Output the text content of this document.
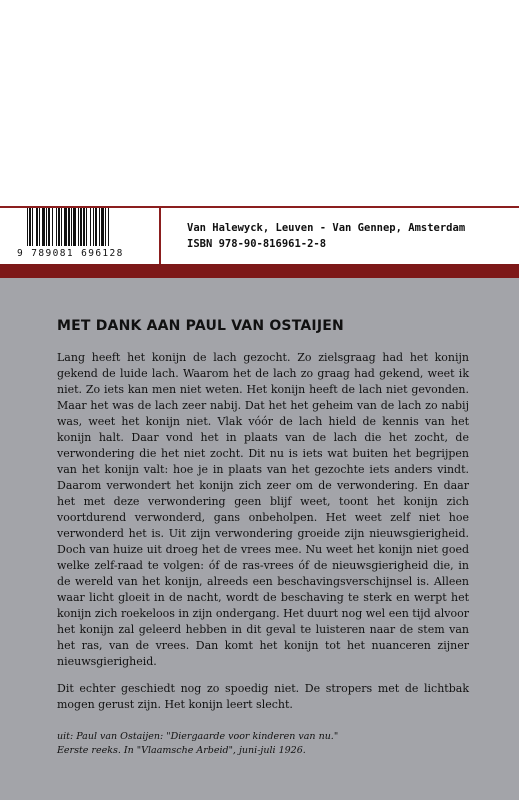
9 789081 696128
Van Halewyck, Leuven - Van Gennep, Amsterdam
ISBN 978-90-816961-2-8
MET DANK AAN PAUL VAN OSTAIJEN

Lang heeft het konijn de lach gezocht. Zo zielsgraag had het konijn gekend de luide lach. Waarom het de lach zo graag had gekend, weet ik niet. Zo iets kan men niet weten. Het konijn heeft de lach niet gevonden. Maar het was de lach zeer nabij. Dat het het geheim van de lach zo nabij was, weet het konijn niet. Vlak vóór de lach hield de kennis van het konijn halt. Daar vond het in plaats van de lach die het zocht, de verwondering die het niet zocht. Dit nu is iets wat buiten het begrijpen van het konijn valt: hoe je in plaats van het gezochte iets anders vindt. Daarom verwondert het konijn zich zeer om de verwondering. En daar het met deze verwondering geen blijf weet, toont het konijn zich voortdurend verwonderd, gans onbeholpen. Het weet zelf niet hoe verwonderd het is. Uit zijn verwondering groeide zijn nieuwsgierigheid. Doch van huize uit droeg het de vrees mee. Nu weet het konijn niet goed welke zelf-raad te volgen: óf de ras-vrees óf de nieuwsgierigheid die, in de wereld van het konijn, alreeds een beschavingsverschijnsel is. Alleen waar licht gloeit in de nacht, wordt de beschaving te sterk en werpt het konijn zich roekeloos in zijn ondergang. Het duurt nog wel een tijd alvoor het konijn zal geleerd hebben in dit geval te luisteren naar de stem van het ras, van de vrees. Dan komt het konijn tot het nuanceren zijner nieuwsgierigheid.

Dit echter geschiedt nog zo spoedig niet. De stropers met de lichtbak mogen gerust zijn. Het konijn leert slecht.

uit: Paul van Ostaijen: "Diergaarde voor kinderen van nu."
Eerste reeks. In "Vlaamsche Arbeid", juni-juli 1926.
